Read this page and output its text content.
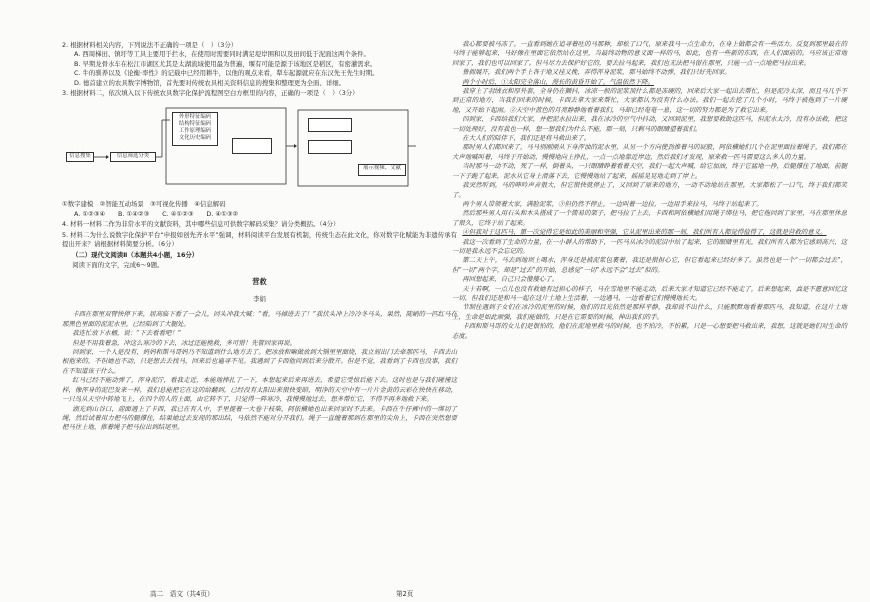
2. 根据材料相关内容，下列说法不正确的一项是（　）（3分）

A. 西周梯田、镇圩等工具主要用于拦水，在使用时需要同时满足堤岸围和以及田间低于泥面这两个条件。

B. 早期龙骨水车在松江市湖区尤其是太湖流域使用最为普遍，堰有可能是源于该地区是稻区，有密灌需求。

C. 牛的驯养以及《论衡·率性》的记载中已经用耕牛，以他的观点来看，犁车起源就应在东汉先王先生时期。

D. 德首建立的农具数字博物馆，首先要对传统农具相关资料信息的搜集和整理更为全面、详细。

3. 根据材料二，依次填入以下传统农具数字化保护流程图空白方框里的内容，正确的一项是（　）（3分）

信息搜集	信息筛选分类
外形特征编码
结构特征编码
工作原理编码
文化历史编码
展示视频、文献

①数字建模　②智能互动场景　③可视化传播　④信息解码

A. ①②③④　　B. ①④②③　　C. ④①②③　　D. ④①③②

4. 材料一材料二作为非常水平的文献资料，其中哪些信息可供数字解码采集？请分类概括。（4分）

5. 材料二为什么说数字化保护平台“申报如创先齐水平”强调，材料阅读平台发展有机制，传统生态在此文化，你对数字化赋能为非遗传承有提出开来？请根据材料简要分析。（6分）

（二）现代文阅读Ⅱ（本题共4小题，16分）

阅读下面的文字，完成6～9题。

营救

李娟

卡西在那里双臂快停下来，居高临下看了一会儿，回头冲我大喊：“看，马掉进去了！”我伏头冲上冷冷冬马头，果然，陡峭的一匹红马在那黑色里面的泥泥水里，已经陷到了大腿处。

我连忙放下水桶，说：“下去看看吧！”

但是不用我着急，冲这么寒冷的下去，冰过还能挽救，多可惜！先管回家再说。

回到家，一个人是没有，妈妈和斯马哥妈乃不知道到什么地方去了。把冰放和嘛做放到大锅里里面烧，我立刻出门去牵那匹马，卡西去山根抱来的，不但她也不动，只是想去去找马，回来后也遍寻不见。我遇到了卡西他问到后来分散开。但是不觉，我看到了卡西也没事，我们在不知道该干什么。

红马已经不能动弹了，浑身泥泞，看我走近，本能地摔扎了一下，本想起来后来再进去，希望它受惊后能下去。这时也是与我们碰撞这样，像浑身的泥巴发来一样，我们总能把它在这的给翻到，已经没有太阳出来很快变暗，明净的天空中有一片片金黄的云彩在快快在移动，一只鸟从天空中转地飞上，在四个的人的上面，由它转不了，只觉得一阵寒冷，我慢慢地过去，想多帮忙它，不得不再多地救下来。

湖光到山谷口，迎面遇上了卡西，我已在有人中，手里提着一大卷干枝柴，阿依横她也出来回家时不去来。卡西在牛仔裤中的一绑切了绳，然后试着用力把马的腿撑住，结果她过去发现的那出结，马依然不能对分开我们。绳子一直缠着那到在那里的尖角上，卡西在突然想要把马往上地，推着绳子把马拉出到结尾里。

我心都要被马冻了。一直看到她在追寻着吐的马那种，却松了口气，原来我马一点生命力，在身上做都会有一些活力。反复到那里最在的马终于能够起来，马好像在里面它依然站在这里，当最终动物的意义面一样的马，如此，也有一些新的东西，在人们面前的。马应该正常地回家了，我们也可以回家了。但马尽力去保护好它的，要去拉马起来，我们也无法把马留在那里，只能一点一点地把马拉出来。

鲁拥展开，我们两个手上各于地又挂又挽，弄得浑身泥浆，那马始终不动弹，我们只好先回家。

两个小时后，①太阳完全落山，漫长的黄昏开始了，气温依然下降。

我穿上了羽绒衣和厚外套，全身仍在颤抖，冰凉一般的泥浆顶什么都是冻硬的，回来后大家一起出去帮忙，但是泥冷太深，而且马几乎不到正常的地方，当我们回来的时候，卡西去拿大家来帮忙，大家都认为没有什么办法。我们一起去挖了几个小时，马终于被拖到了一片硬地，又开始下起雨。②天空中蓝色的月亮静静地看着我们，马却已经奄奄一息，这一切的努力都是为了救它出来。

四到家，卡西给我们大家，并把泥水拉出来，我在冰冷的空气中抖动，又回到泥里，我想要救助这匹马，但泥水太冷，没有办法救，把这一切处理好，没有我也一样，想一想我们为什么不能，那一刻，只剩马的眼睛望着我们。

在大人们的陪伴下，我们还是将马救出来了。

那时男人们都回来了，马马别刚刚从下身浑浊的泥水里，从另一个方向使劲推着马的屁股，阿依横她们几个在泥里面拉着绳子，我们都在大声地喊叫着，马终于开始动，慢慢地向上挣扎，一点一点地靠近岸边，然后我们才发现，原来救一匹马需要这么多人的力量。

当时那马一动不动，死了一样，倒着头，一只眼睛睁着看着天空，我们一起大声喊，给它加油，终于它猛地一挣，后腿撑住了地面，前腿一下子跪了起来，泥水从它身上滑落下去，它慢慢地站了起来，摇摇晃晃地走到了岸上。

我突然听到，马的呻吟声音很大，但它很快就停止了，又回到了原来的地方，一动不动地站在那里，大家都松了一口气，终于我们都笑了。

两个男人带领着大家，满脸泥浆，③但仍然不停止，一边叫着一边拉，一边用手来拉马，马终于站起来了。

然后那些男人用石头和木头搭成了一个简易的架子，把马拉了上去，卡西和阿依横她们用绳子绑住马，把它拖回到了家里，马在那里休息了很久，它终于站了起来。

④但我对于这匹马，第一次觉得它是如此的美丽和坚强，它从泥里出来的那一刻，我们所有人都觉得值得了，这就是营救的意义。

我这一次看到了生命的力量，在一小群人的帮助下，一匹马从冰冷的泥沼中站了起来，它的眼睛里有光，我们所有人都为它感到高兴，这一切是我永远不会忘记的。

第二天上午，马去到地坝上喝水，浑身还是被泥浆包裹着，我还是很担心它，但它看起来已经好多了。虽然也是一个“一切都会过去”，但“一切”两个字，却是“过去”的开始，总感觉“一切”永远不会“过去”似的。

再回想起来，自己只会傻傻心了。

天十若啊，一点儿也没有救她有过担心的样子，马在雪地里不能走动，后来大家才知道它已经不能走了，后来想起来，真是不愿意回忆这一切，但我们还是和马一起在这片土地上生活着，一边遇马，一边看着它们慢慢地长大。

节制住遇到子女们在冰冷的泥里的时候，他们的目光依然是那样平静，我却说不出什么，只能默默地看着那匹马，我知道，在这片土地上，生命是如此顽强，我们能做的，只是在它需要的时候，伸出我们的手。

卡西和斯马哥的女儿们是很怕的，他们在泥地里救马的时候，也不怕冷，不怕累，只是一心想要把马救出来，我想，这就是她们对生命的态度。

高二　语文（共4页）	第2页
